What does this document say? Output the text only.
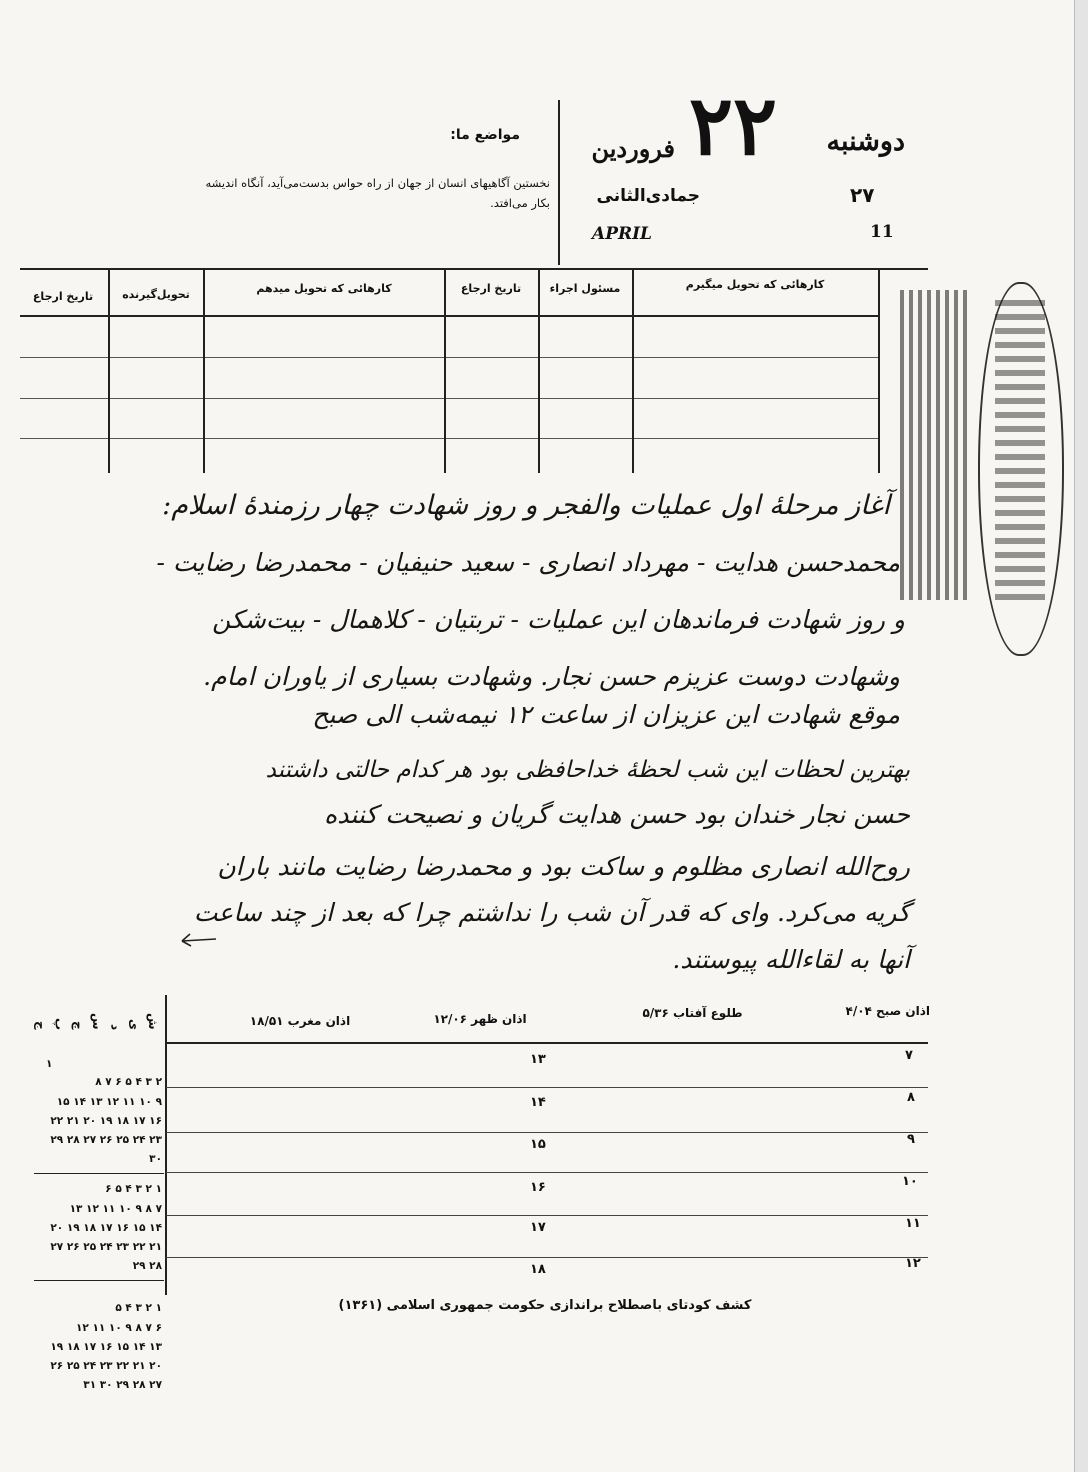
دوشنبه
۲۲
فروردین
۲۷
جمادی‌الثانی
11
APRIL
مواضع ما:
نخستین آگاهیهای انسان از جهان از راه حواس بدست‌می‌آید، آنگاه اندیشه
بکار می‌افتد.
کارهائی که تحویل میگیرم
مسئول اجراء
تاریخ ارجاع
کارهائی که تحویل میدهم
تحویل‌گیرنده
تاریخ ارجاع
آغاز مرحلهٔ اول عملیات والفجر و روز شهادت چهار رزمندهٔ اسلام:
محمدحسن هدایت - مهرداد انصاری - سعید حنیفیان - محمدرضا رضایت -
و روز شهادت فرماندهان این عملیات - تربتیان - کلاهمال - بیت‌شکن
وشهادت دوست عزیزم حسن نجار. وشهادت بسیاری از یاوران امام.
موقع شهادت این عزیزان از ساعت ۱۲ نیمه‌شب الی صبح
بهترین لحظات این شب لحظهٔ خداحافظی بود هر کدام حالتی داشتند
حسن نجار خندان بود حسن هدایت گریان و نصیحت کننده
روح‌الله انصاری مظلوم و ساکت بود و محمدرضا رضایت مانند باران
گریه می‌کرد. وای که قدر آن شب را نداشتم چرا که بعد از چند ساعت
آنها به لقاء‌الله پیوستند.
اذان صبح ۴/۰۴
طلوع آفتاب ۵/۳۶
اذان ظهر ۱۲/۰۶
اذان مغرب ۱۸/۵۱
۷
۱۳
۸
۱۴
۹
۱۵
۱۰
۱۶
۱۱
۱۷
۱۲
۱۸
کشف کودتای باصطلاح براندازی حکومت جمهوری اسلامی (۱۳۶۱)
ش
ی
د
س
چ
پ
ج
۱
۸ ۷ ۶ ۵ ۴ ۳ ۲
۱۵ ۱۴ ۱۳ ۱۲ ۱۱ ۱۰ ۹
۲۲ ۲۱ ۲۰ ۱۹ ۱۸ ۱۷ ۱۶
۲۹ ۲۸ ۲۷ ۲۶ ۲۵ ۲۴ ۲۳
۳۰
۶ ۵ ۴ ۳ ۲ ۱
۱۳ ۱۲ ۱۱ ۱۰ ۹ ۸ ۷
۲۰ ۱۹ ۱۸ ۱۷ ۱۶ ۱۵ ۱۴
۲۷ ۲۶ ۲۵ ۲۴ ۲۳ ۲۲ ۲۱
۲۹ ۲۸
۵ ۴ ۳ ۲ ۱
۱۲ ۱۱ ۱۰ ۹ ۸ ۷ ۶
۱۹ ۱۸ ۱۷ ۱۶ ۱۵ ۱۴ ۱۳
۲۶ ۲۵ ۲۴ ۲۳ ۲۲ ۲۱ ۲۰
۳۱ ۳۰ ۲۹ ۲۸ ۲۷
